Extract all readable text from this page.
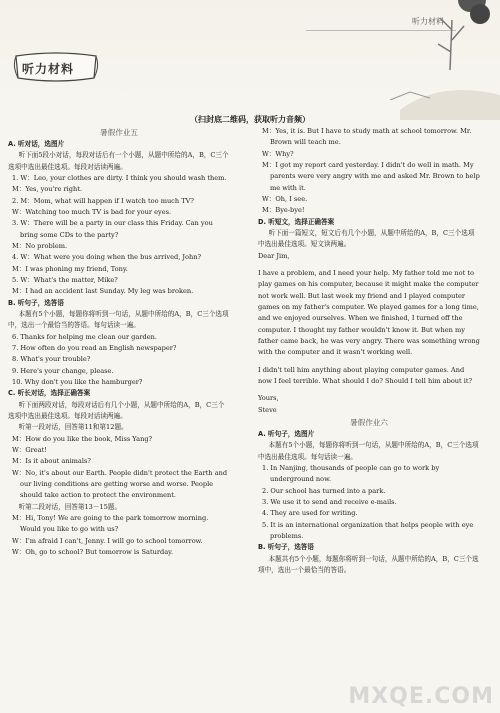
听力材料
听力材料
（扫封底二维码，获取听力音频）

暑假作业五

A. 听对话，选图片

听下面5段小对话，每段对话后有一个小题，从题中所给的A，B，C三个选项中选出最佳选项。每段对话读两遍。

1. W：Leo, your clothes are dirty. I think you should wash them.

M：Yes, you're right.

2. M：Mom, what will happen if I watch too much TV?

W：Watching too much TV is bad for your eyes.

3. W：There will be a party in our class this Friday. Can you bring some CDs to the party?

M：No problem.

4. W：What were you doing when the bus arrived, John?

M：I was phoning my friend, Tony.

5. W：What's the matter, Mike?

M：I had an accident last Sunday. My leg was broken.

B. 听句子，选答语

本题有5个小题，每题你将听到一句话，从题中所给的A，B，C三个选项中，选出一个最恰当的答语。每句话读一遍。

6. Thanks for helping me clean our garden.

7. How often do you read an English newspaper?

8. What's your trouble?

9. Here's your change, please.

10. Why don't you like the hamburger?

C. 听长对话，选择正确答案

听下面两段对话，每段对话后有几个小题，从题中所给的A，B，C三个选项中选出最佳选项。每段对话读两遍。

听第一段对话，回答第11和第12题。

M：How do you like the book, Miss Yang?

W：Great!

M：Is it about animals?

W：No, it's about our Earth. People didn't protect the Earth and our living conditions are getting worse and worse. People should take action to protect the environment.

听第二段对话，回答第13－15题。

M：Hi, Tony! We are going to the park tomorrow morning. Would you like to go with us?

W：I'm afraid I can't, Jenny. I will go to school tomorrow.

W：Oh, go to school? But tomorrow is Saturday.

M：Yes, it is. But I have to study math at school tomorrow. Mr. Brown will teach me.

W：Why?

M：I got my report card yesterday. I didn't do well in math. My parents were very angry with me and asked Mr. Brown to help me with it.

W：Oh, I see.

M：Bye-bye!

D. 听短文，选择正确答案

听下面一篇短文，短文后有几个小题，从题中所给的A，B，C三个选项中选出最佳选项。短文读两遍。

Dear Jim,

I have a problem, and I need your help. My father told me not to play games on his computer, because it might make the computer not work well. But last week my friend and I played computer games on my father's computer. We played games for a long time, and we enjoyed ourselves. When we finished, I turned off the computer. I thought my father wouldn't know it. But when my father came back, he was very angry. There was something wrong with the computer and it wasn't working well.

I didn't tell him anything about playing computer games. And now I feel terrible. What should I do? Should I tell him about it?

Yours,

Steve

暑假作业六

A. 听句子，选图片

本题有5个小题，每题你将听到一句话，从题中所给的A，B，C三个选项中选出最佳选项。每句话读一遍。

1. In Nanjing, thousands of people can go to work by underground now.

2. Our school has turned into a park.

3. We use it to send and receive e-mails.

4. They are used for writing.

5. It is an international organization that helps people with eye problems.

B. 听句子，选答语

本题共有5个小题，每题你将听到一句话，从题中所给的A，B，C三个选项中，选出一个最恰当的答语。

MXQE.COM
